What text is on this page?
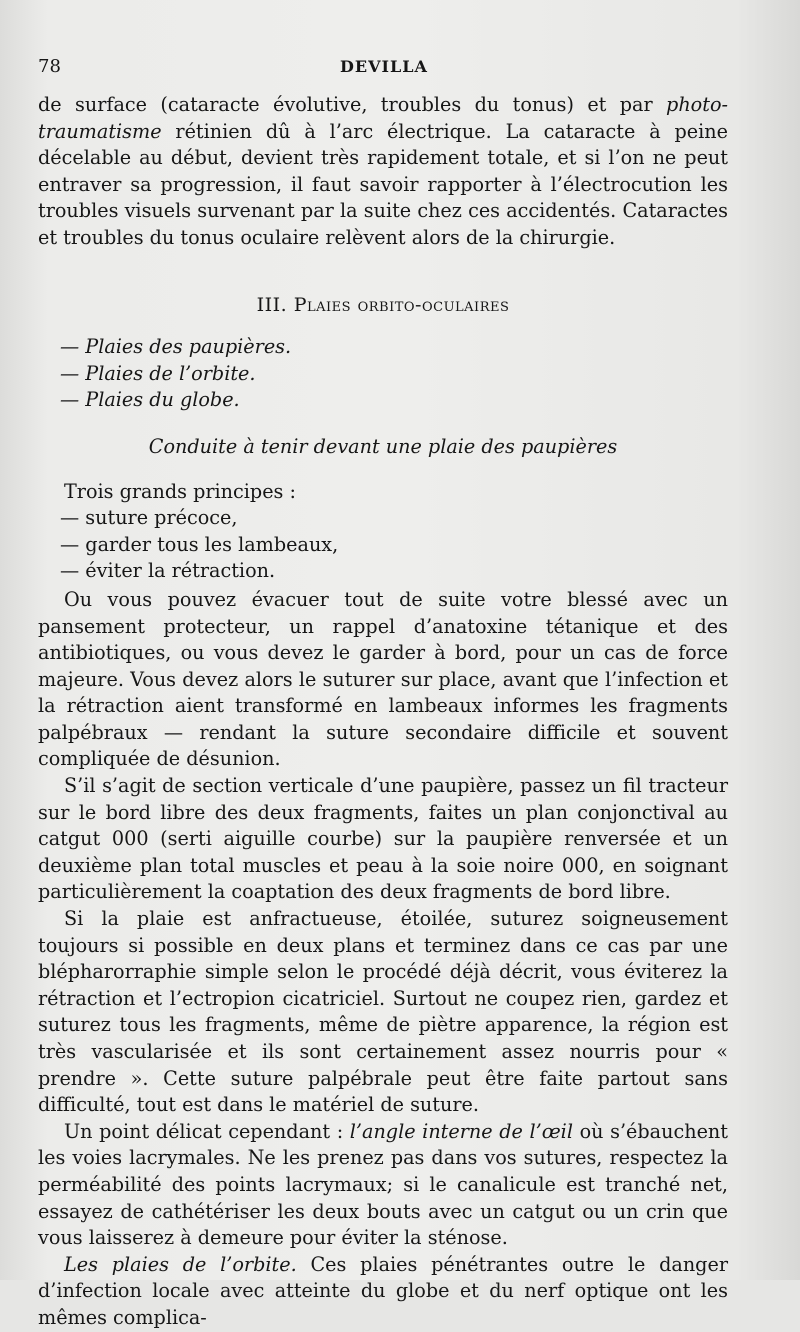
78	DEVILLA

de surface (cataracte évolutive, troubles du tonus) et par photo-traumatisme rétinien dû à l’arc électrique. La cataracte à peine décelable au début, devient très rapidement totale, et si l’on ne peut entraver sa progression, il faut savoir rapporter à l’électrocution les troubles visuels survenant par la suite chez ces accidentés. Cataractes et troubles du tonus oculaire relèvent alors de la chirurgie.

III. Plaies orbito-oculaires
— Plaies des paupières.
— Plaies de l’orbite.
— Plaies du globe.
Conduite à tenir devant une plaie des paupières

Trois grands principes :

— suture précoce,
— garder tous les lambeaux,
— éviter la rétraction.

Ou vous pouvez évacuer tout de suite votre blessé avec un pansement protecteur, un rappel d’anatoxine tétanique et des antibiotiques, ou vous devez le garder à bord, pour un cas de force majeure. Vous devez alors le suturer sur place, avant que l’infection et la rétraction aient transformé en lambeaux informes les fragments palpébraux — rendant la suture secondaire difficile et souvent compliquée de désunion.

S’il s’agit de section verticale d’une paupière, passez un fil tracteur sur le bord libre des deux fragments, faites un plan conjonctival au catgut 000 (serti aiguille courbe) sur la paupière renversée et un deuxième plan total muscles et peau à la soie noire 000, en soignant particulièrement la coaptation des deux fragments de bord libre.

Si la plaie est anfractueuse, étoilée, suturez soigneusement toujours si possible en deux plans et terminez dans ce cas par une blépharorraphie simple selon le procédé déjà décrit, vous éviterez la rétraction et l’ectropion cicatriciel. Surtout ne coupez rien, gardez et suturez tous les fragments, même de piètre apparence, la région est très vascularisée et ils sont certainement assez nourris pour « prendre ». Cette suture palpébrale peut être faite partout sans difficulté, tout est dans le matériel de suture.

Un point délicat cependant : l’angle interne de l’œil où s’ébauchent les voies lacrymales. Ne les prenez pas dans vos sutures, respectez la perméabilité des points lacrymaux; si le canalicule est tranché net, essayez de cathétériser les deux bouts avec un catgut ou un crin que vous laisserez à demeure pour éviter la sténose.

Les plaies de l’orbite. Ces plaies pénétrantes outre le danger d’infection locale avec atteinte du globe et du nerf optique ont les mêmes complica-
